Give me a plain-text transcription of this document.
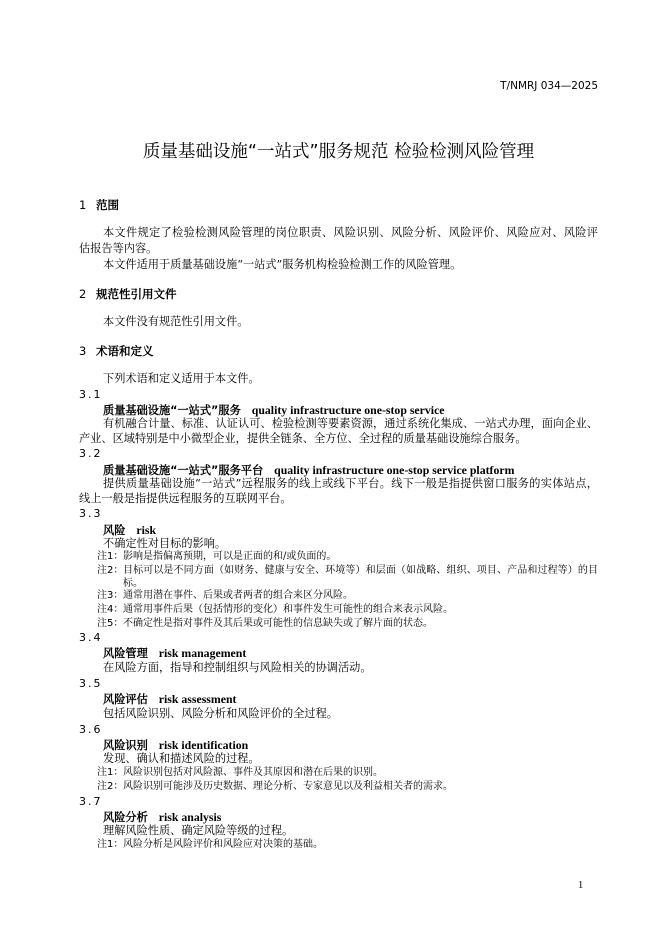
T/NMRJ 034—2025
质量基础设施“一站式”服务规范 检验检测风险管理
1 范围
本文件规定了检验检测风险管理的岗位职责、风险识别、风险分析、风险评价、风险应对、风险评
估报告等内容。
本文件适用于质量基础设施“一站式”服务机构检验检测工作的风险管理。
2 规范性引用文件
本文件没有规范性引用文件。
3 术语和定义
下列术语和定义适用于本文件。
3.1
质量基础设施“一站式”服务 quality infrastructure one-stop service
有机融合计量、标准、认证认可、检验检测等要素资源，通过系统化集成、一站式办理，面向企业、
产业、区域特别是中小微型企业，提供全链条、全方位、全过程的质量基础设施综合服务。
3.2
质量基础设施“一站式”服务平台 quality infrastructure one-stop service platform
提供质量基础设施“一站式”远程服务的线上或线下平台。线下一般是指提供窗口服务的实体站点，
线上一般是指提供远程服务的互联网平台。
3.3
风险 risk
不确定性对目标的影响。
注1： 影响是指偏离预期，可以是正面的和/或负面的。
注2： 目标可以是不同方面（如财务、健康与安全、环境等）和层面（如战略、组织、项目、产品和过程等）的目
标。
注3： 通常用潜在事件、后果或者两者的组合来区分风险。
注4： 通常用事件后果（包括情形的变化）和事件发生可能性的组合来表示风险。
注5： 不确定性是指对事件及其后果或可能性的信息缺失或了解片面的状态。
3.4
风险管理 risk management
在风险方面，指导和控制组织与风险相关的协调活动。
3.5
风险评估 risk assessment
包括风险识别、风险分析和风险评价的全过程。
3.6
风险识别 risk identification
发现、确认和描述风险的过程。
注1： 风险识别包括对风险源、事件及其原因和潜在后果的识别。
注2： 风险识别可能涉及历史数据、理论分析、专家意见以及利益相关者的需求。
3.7
风险分析 risk analysis
理解风险性质、确定风险等级的过程。
注1： 风险分析是风险评价和风险应对决策的基础。
1
